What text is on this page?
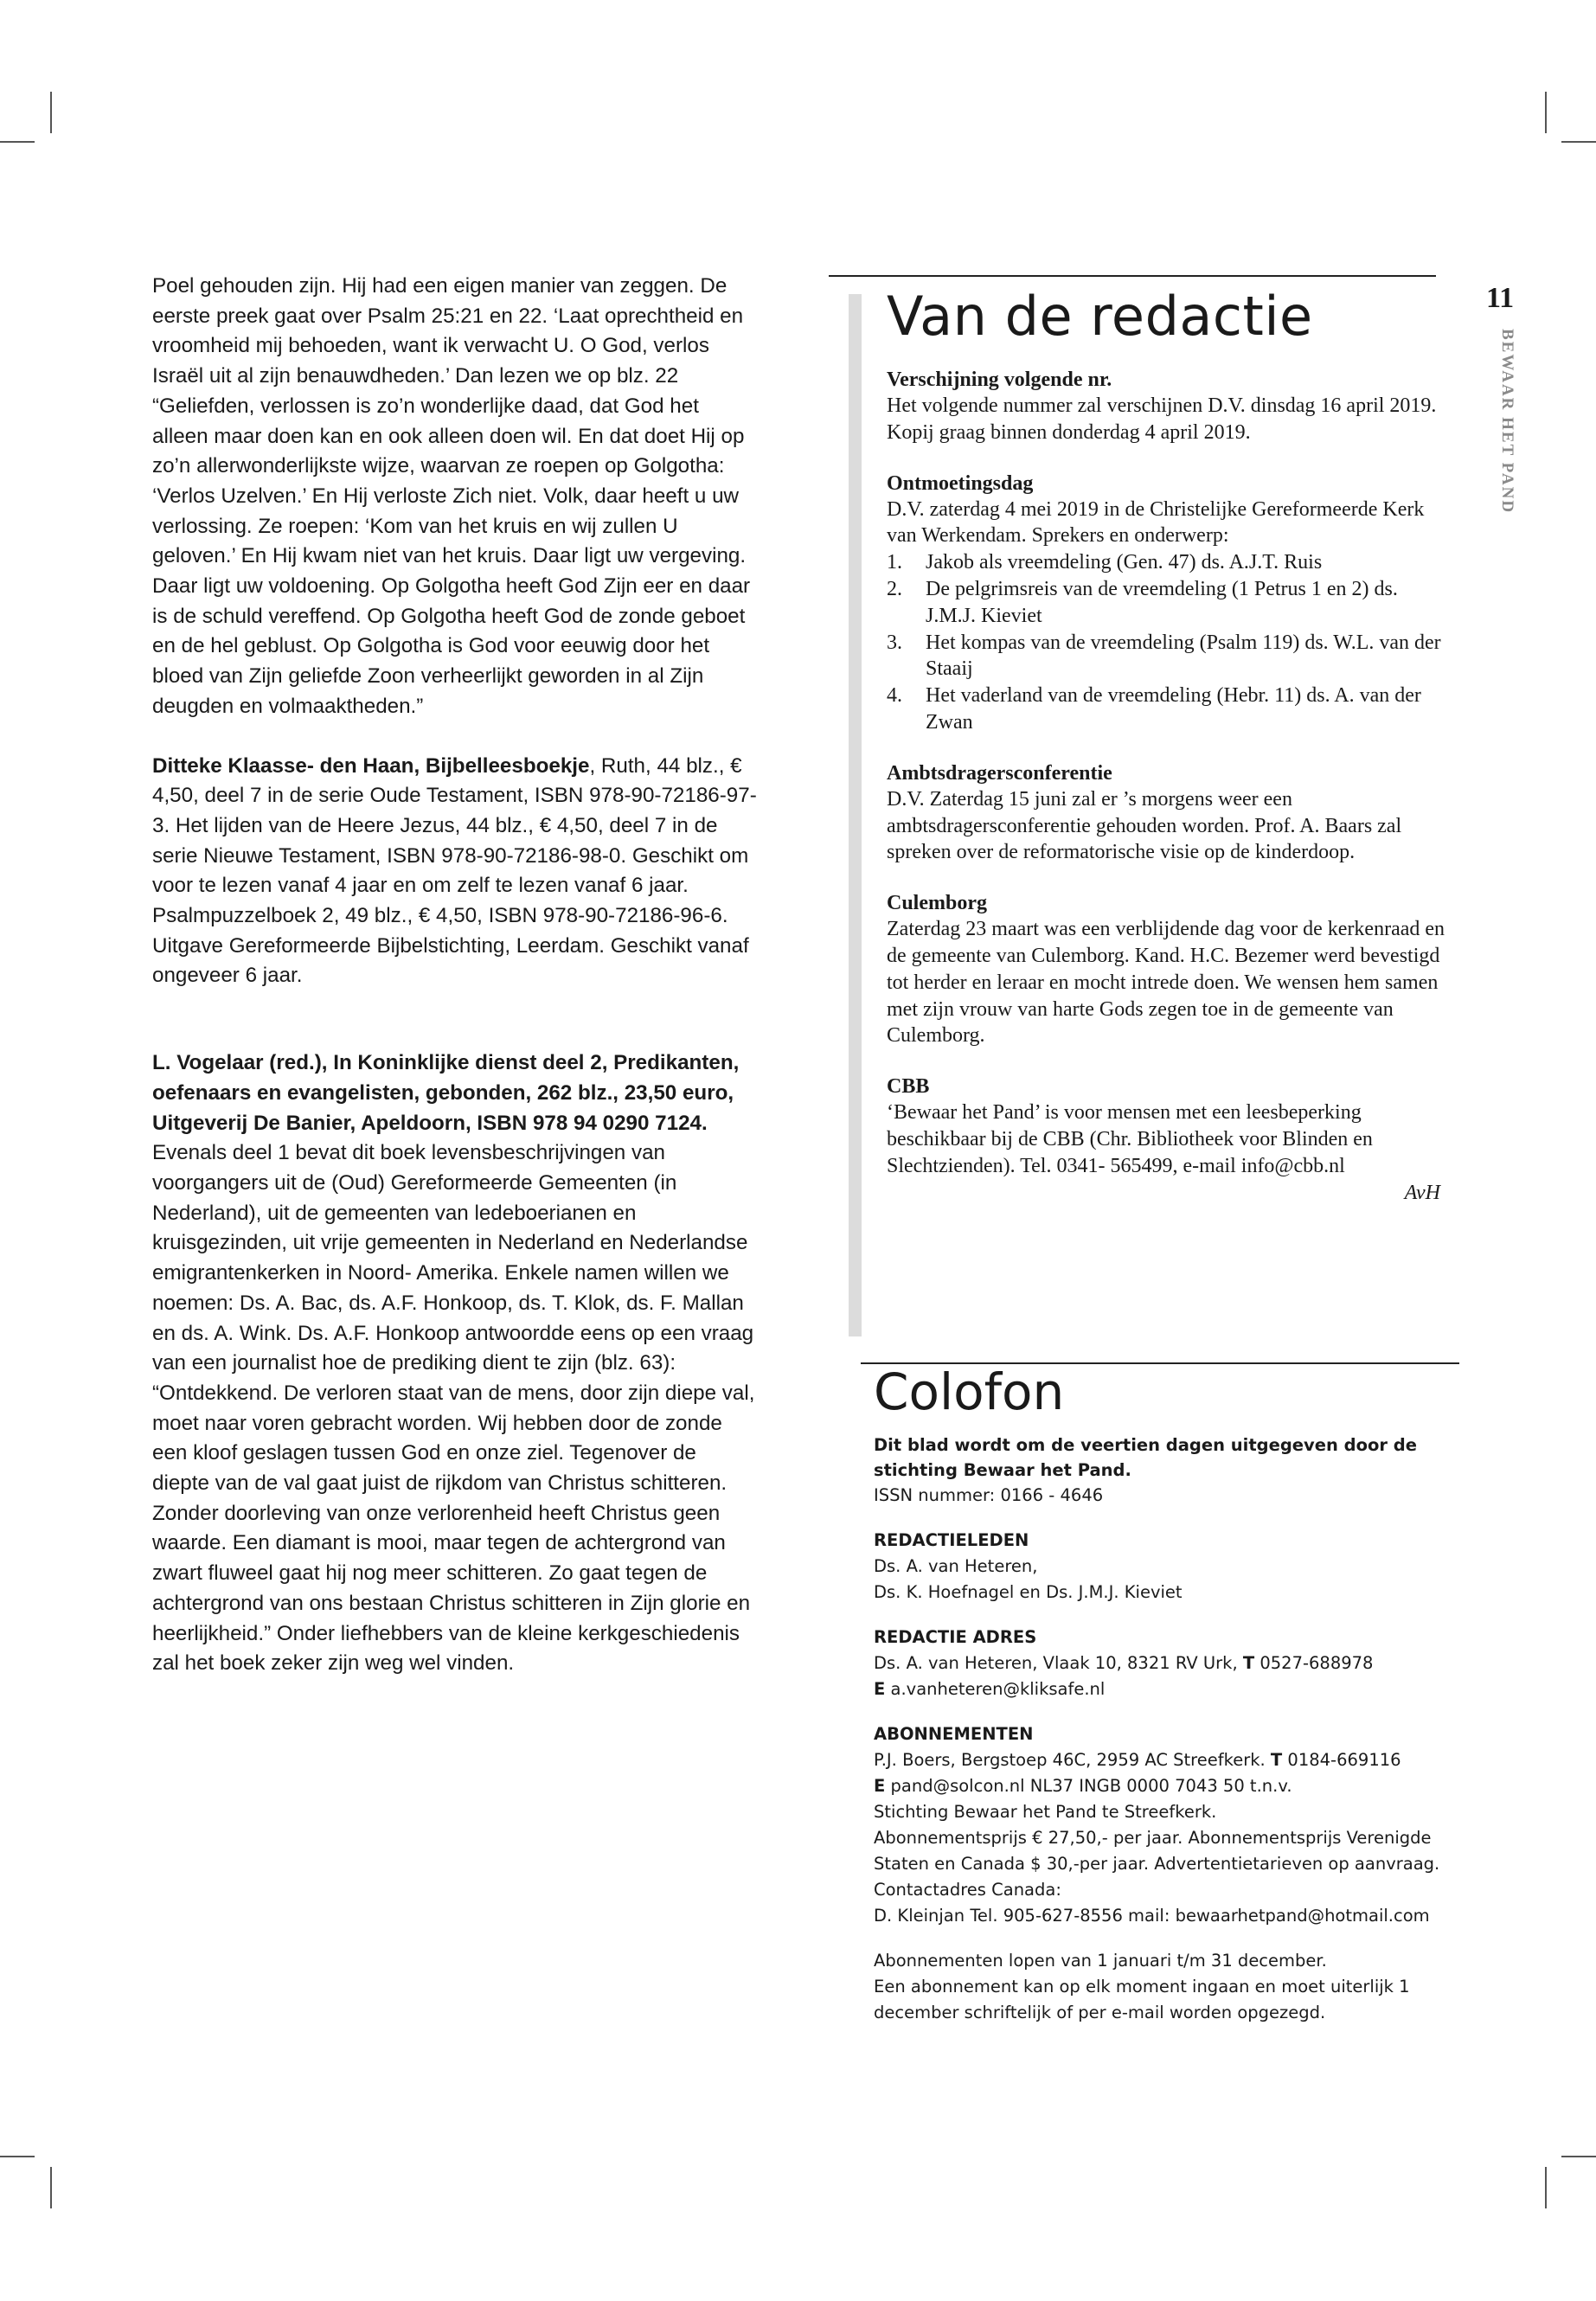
11
BEWAAR HET PAND

Poel gehouden zijn. Hij had een eigen manier van zeggen. De eerste preek gaat over Psalm 25:21 en 22. ‘Laat oprechtheid en vroomheid mij behoeden, want ik verwacht U. O God, verlos Israël uit al zijn benauwdheden.’ Dan lezen we op blz. 22 “Geliefden, verlossen is zo’n wonderlijke daad, dat God het alleen maar doen kan en ook alleen doen wil. En dat doet Hij op zo’n allerwonderlijkste wijze, waarvan ze roepen op Golgotha: ‘Verlos Uzelven.’ En Hij verloste Zich niet. Volk, daar heeft u uw verlossing. Ze roepen: ‘Kom van het kruis en wij zullen U geloven.’ En Hij kwam niet van het kruis. Daar ligt uw vergeving. Daar ligt uw voldoening. Op Golgotha heeft God Zijn eer en daar is de schuld vereffend. Op Golgotha heeft God de zonde geboet en de hel geblust. Op Golgotha is God voor eeuwig door het bloed van Zijn geliefde Zoon verheerlijkt geworden in al Zijn deugden en volmaaktheden.”

Ditteke Klaasse- den Haan, Bijbelleesboekje, Ruth, 44 blz., € 4,50, deel 7 in de serie Oude Testament, ISBN 978-90-72186-97-3. Het lijden van de Heere Jezus, 44 blz., € 4,50, deel 7 in de serie Nieuwe Testament, ISBN 978-90-72186-98-0. Geschikt om voor te lezen vanaf 4 jaar en om zelf te lezen vanaf 6 jaar. Psalmpuzzelboek 2, 49 blz., € 4,50, ISBN 978-90-72186-96-6. Uitgave Gereformeerde Bijbelstichting, Leerdam. Geschikt vanaf ongeveer 6 jaar.

L. Vogelaar (red.), In Koninklijke dienst deel 2, Predikanten, oefenaars en evangelisten, gebonden, 262 blz., 23,50 euro, Uitgeverij De Banier, Apeldoorn, ISBN 978 94 0290 7124.

Evenals deel 1 bevat dit boek levensbeschrijvingen van voorgangers uit de (Oud) Gereformeerde Gemeenten (in Nederland), uit de gemeenten van ledeboerianen en kruisgezinden, uit vrije gemeenten in Nederland en Nederlandse emigrantenkerken in Noord- Amerika. Enkele namen willen we noemen: Ds. A. Bac, ds. A.F. Honkoop, ds. T. Klok, ds. F. Mallan en ds. A. Wink. Ds. A.F. Honkoop antwoordde eens op een vraag van een journalist hoe de prediking dient te zijn (blz. 63): “Ontdekkend. De verloren staat van de mens, door zijn diepe val, moet naar voren gebracht worden. Wij hebben door de zonde een kloof geslagen tussen God en onze ziel. Tegenover de diepte van de val gaat juist de rijkdom van Christus schitteren. Zonder doorleving van onze verlorenheid heeft Christus geen waarde. Een diamant is mooi, maar tegen de achtergrond van zwart fluweel gaat hij nog meer schitteren. Zo gaat tegen de achtergrond van ons bestaan Christus schitteren in Zijn glorie en heerlijkheid.” Onder liefhebbers van de kleine kerkgeschiedenis zal het boek zeker zijn weg wel vinden.

Van de redactie
Verschijning volgende nr.

Het volgende nummer zal verschijnen D.V. dinsdag 16 april 2019. Kopij graag binnen donderdag 4 april 2019.

Ontmoetingsdag

D.V. zaterdag 4 mei 2019 in de Christelijke Gereformeerde Kerk van Werkendam. Sprekers en onderwerp:

1. Jakob als vreemdeling (Gen. 47) ds. A.J.T. Ruis
2. De pelgrimsreis van de vreemdeling (1 Petrus 1 en 2) ds. J.M.J. Kieviet
3. Het kompas van de vreemdeling (Psalm 119) ds. W.L. van der Staaij
4. Het vaderland van de vreemdeling (Hebr. 11) ds. A. van der Zwan
Ambtsdragersconferentie

D.V. Zaterdag 15 juni zal er ’s morgens weer een ambtsdragersconferentie gehouden worden. Prof. A. Baars zal spreken over de reformatorische visie op de kinderdoop.

Culemborg

Zaterdag 23 maart was een verblijdende dag voor de kerkenraad en de gemeente van Culemborg. Kand. H.C. Bezemer werd bevestigd tot herder en leraar en mocht intrede doen. We wensen hem samen met zijn vrouw van harte Gods zegen toe in de gemeente van Culemborg.

CBB

‘Bewaar het Pand’ is voor mensen met een leesbeperking beschikbaar bij de CBB (Chr. Bibliotheek voor Blinden en Slechtzienden). Tel. 0341- 565499, e-mail info@cbb.nl

AvH

Colofon

Dit blad wordt om de veertien dagen uitgegeven door de stichting Bewaar het Pand.

ISSN nummer: 0166 - 4646

REDACTIELEDEN

Ds. A. van Heteren,

Ds. K. Hoefnagel en Ds. J.M.J. Kieviet

REDACTIE ADRES

Ds. A. van Heteren, Vlaak 10, 8321 RV Urk, T 0527-688978

E a.vanheteren@kliksafe.nl

ABONNEMENTEN

P.J. Boers, Bergstoep 46C, 2959 AC Streefkerk. T 0184-669116

E pand@solcon.nl NL37 INGB 0000 7043 50 t.n.v.

Stichting Bewaar het Pand te Streefkerk.

Abonnementsprijs € 27,50,- per jaar. Abonnementsprijs Verenigde Staten en Canada $ 30,-per jaar. Advertentietarieven op aanvraag.

Contactadres Canada:

D. Kleinjan Tel. 905-627-8556 mail: bewaarhetpand@hotmail.com

Abonnementen lopen van 1 januari t/m 31 december.

Een abonnement kan op elk moment ingaan en moet uiterlijk 1 december schriftelijk of per e-mail worden opgezegd.
